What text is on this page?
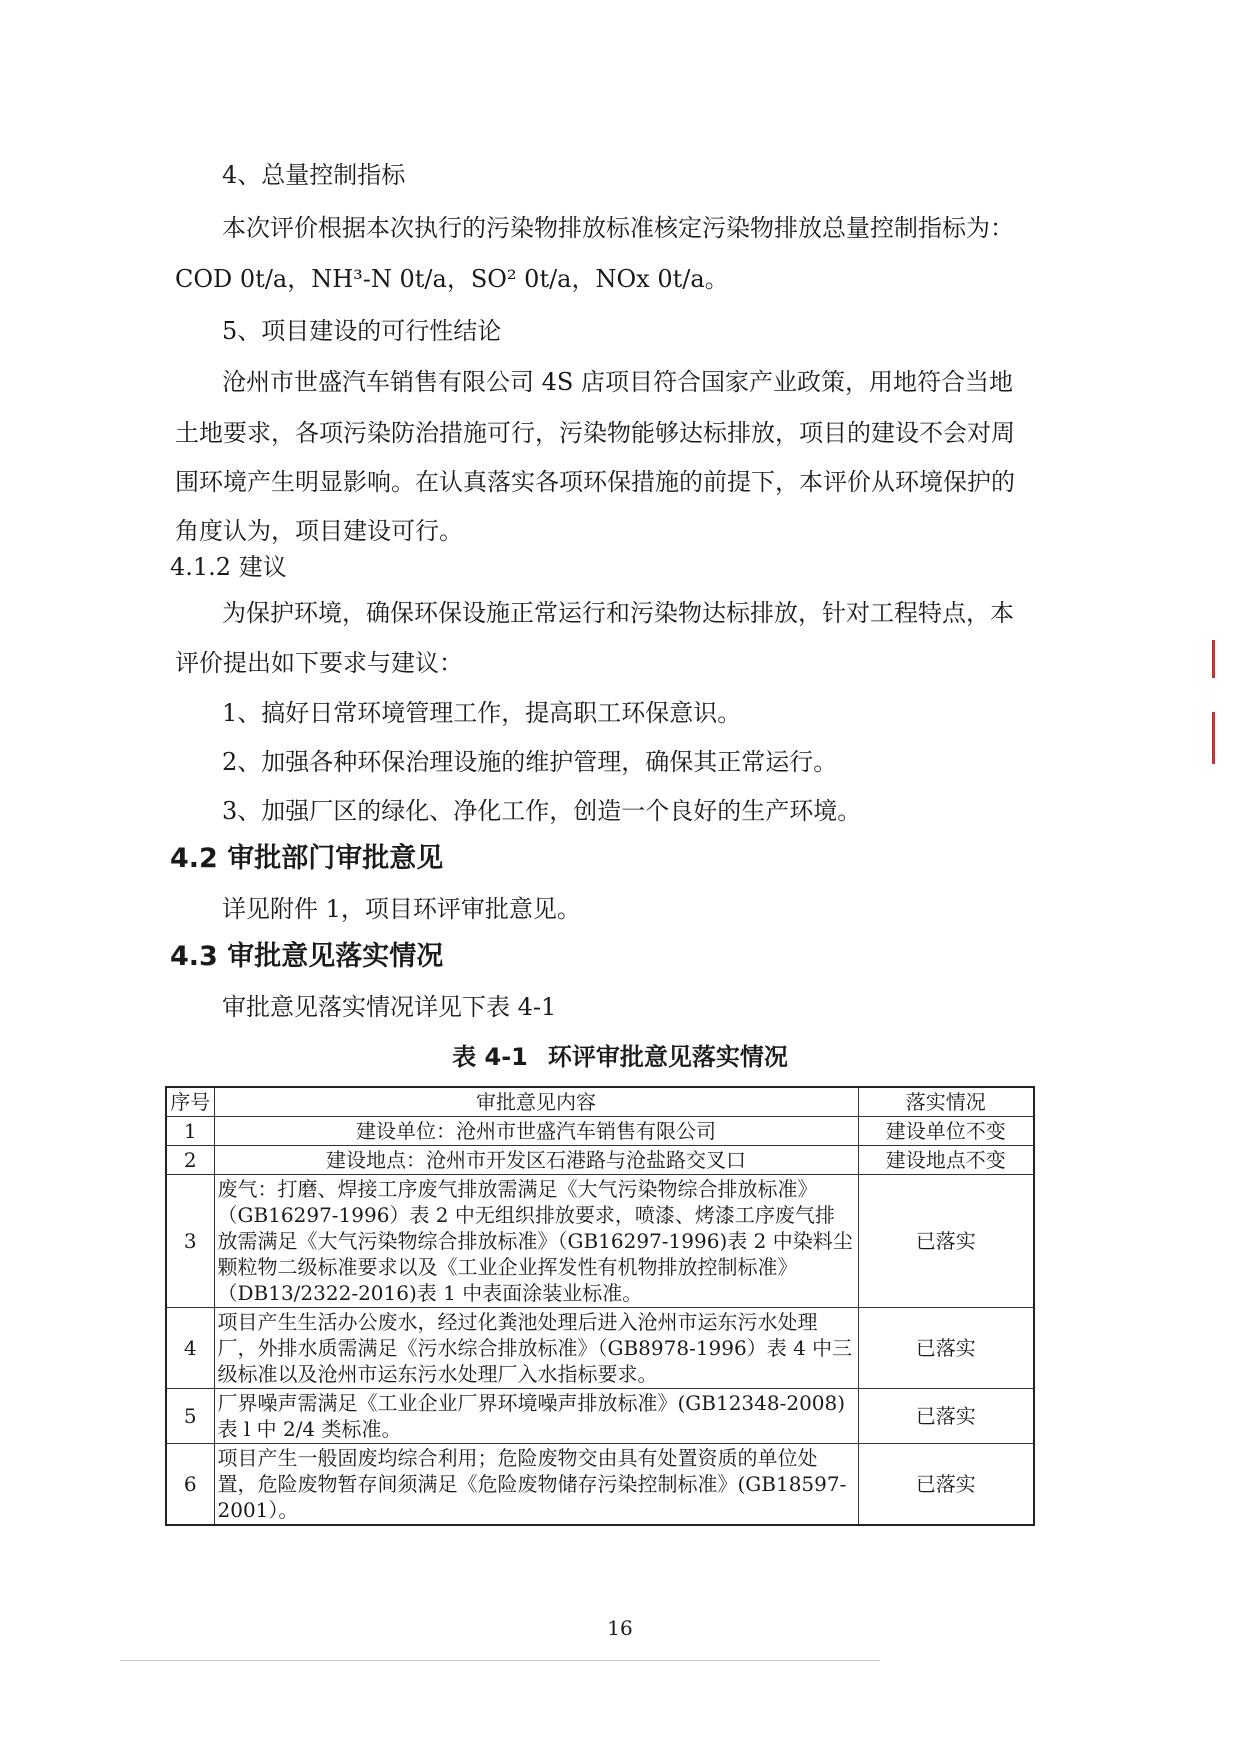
4、总量控制指标
本次评价根据本次执行的污染物排放标准核定污染物排放总量控制指标为：
COD 0t/a，NH³-N 0t/a，SO² 0t/a，NOx 0t/a。
5、项目建设的可行性结论
沧州市世盛汽车销售有限公司 4S 店项目符合国家产业政策，用地符合当地
土地要求，各项污染防治措施可行，污染物能够达标排放，项目的建设不会对周
围环境产生明显影响。在认真落实各项环保措施的前提下，本评价从环境保护的
角度认为，项目建设可行。
4.1.2 建议
为保护环境，确保环保设施正常运行和污染物达标排放，针对工程特点，本
评价提出如下要求与建议：
1、搞好日常环境管理工作，提高职工环保意识。
2、加强各种环保治理设施的维护管理，确保其正常运行。
3、加强厂区的绿化、净化工作，创造一个良好的生产环境。
4.2 审批部门审批意见
详见附件 1，项目环评审批意见。
4.3 审批意见落实情况
审批意见落实情况详见下表 4-1
表 4-1 环评审批意见落实情况
序号	审批意见内容	落实情况
1	建设单位：沧州市世盛汽车销售有限公司	建设单位不变
2	建设地点：沧州市开发区石港路与沧盐路交叉口	建设地点不变
3	废气：打磨、焊接工序废气排放需满足《大气污染物综合排放标准》（GB16297-1996）表 2 中无组织排放要求，喷漆、烤漆工序废气排放需满足《大气污染物综合排放标准》（GB16297-1996)表 2 中染料尘颗粒物二级标准要求以及《工业企业挥发性有机物排放控制标准》（DB13/2322-2016)表 1 中表面涂装业标准。	已落实
4	项目产生生活办公废水，经过化粪池处理后进入沧州市运东污水处理厂，外排水质需满足《污水综合排放标准》（GB8978-1996）表 4 中三级标准以及沧州市运东污水处理厂入水指标要求。	已落实
5	厂界噪声需满足《工业企业厂界环境噪声排放标准》(GB12348-2008)表 l 中 2/4 类标准。	已落实
6	项目产生一般固废均综合利用；危险废物交由具有处置资质的单位处置，危险废物暂存间须满足《危险废物储存污染控制标准》(GB18597-2001）。	已落实
16
